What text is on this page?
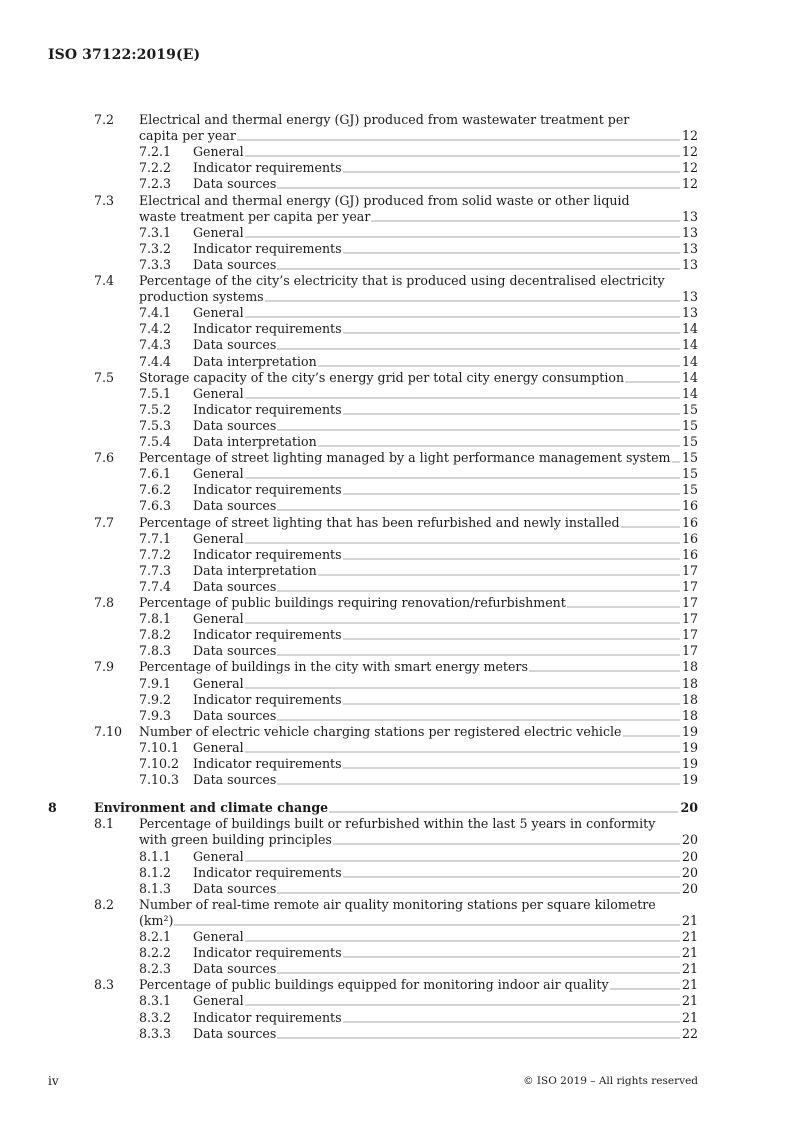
ISO 37122:2019(E)
7.2 Electrical and thermal energy (GJ) produced from wastewater treatment per
capita per year	12
7.2.1 General	12
7.2.2 Indicator requirements	12
7.2.3 Data sources	12
7.3 Electrical and thermal energy (GJ) produced from solid waste or other liquid
waste treatment per capita per year	13
7.3.1 General	13
7.3.2 Indicator requirements	13
7.3.3 Data sources	13
7.4 Percentage of the city’s electricity that is produced using decentralised electricity
production systems	13
7.4.1 General	13
7.4.2 Indicator requirements	14
7.4.3 Data sources	14
7.4.4 Data interpretation	14
7.5 Storage capacity of the city’s energy grid per total city energy consumption	14
7.5.1 General	14
7.5.2 Indicator requirements	15
7.5.3 Data sources	15
7.5.4 Data interpretation	15
7.6 Percentage of street lighting managed by a light performance management system 15
7.6.1 General	15
7.6.2 Indicator requirements	15
7.6.3 Data sources	16
7.7 Percentage of street lighting that has been refurbished and newly installed	16
7.7.1 General	16
7.7.2 Indicator requirements	16
7.7.3 Data interpretation	17
7.7.4 Data sources	17
7.8 Percentage of public buildings requiring renovation/refurbishment	17
7.8.1 General	17
7.8.2 Indicator requirements	17
7.8.3 Data sources	17
7.9 Percentage of buildings in the city with smart energy meters	18
7.9.1 General	18
7.9.2 Indicator requirements	18
7.9.3 Data sources	18
7.10 Number of electric vehicle charging stations per registered electric vehicle	19
7.10.1 General	19
7.10.2 Indicator requirements	19
7.10.3 Data sources	19
8	Environment and climate change	20
8.1 Percentage of buildings built or refurbished within the last 5 years in conformity
with green building principles	20
8.1.1 General	20
8.1.2 Indicator requirements	20
8.1.3 Data sources	20
8.2 Number of real-time remote air quality monitoring stations per square kilometre
(km²)	21
8.2.1 General	21
8.2.2 Indicator requirements	21
8.2.3 Data sources	21
8.3 Percentage of public buildings equipped for monitoring indoor air quality	21
8.3.1 General	21
8.3.2 Indicator requirements	21
8.3.3 Data sources	22
iv	© ISO 2019 – All rights reserved
